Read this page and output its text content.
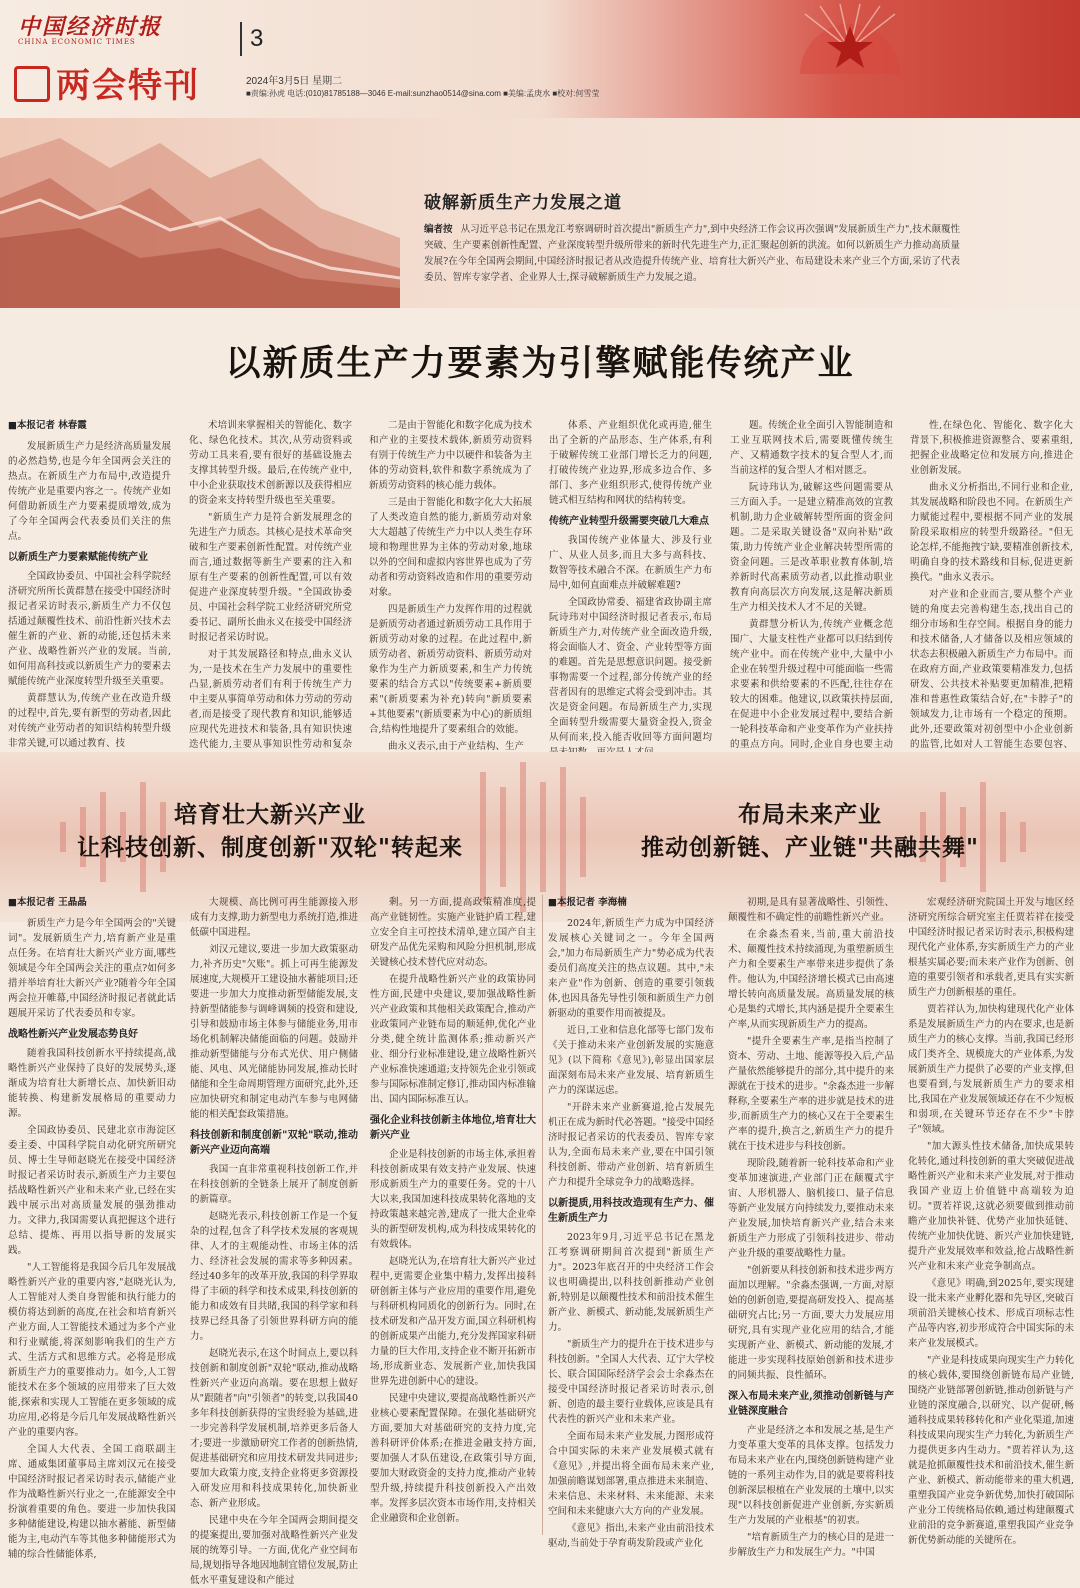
中国经济时报
CHINA ECONOMIC TIMES
两会特刊
3
2024年3月5日 星期二
■责编:孙虎 电话:(010)81785188—3046 E-mail:sunzhao0514@sina.com ■美编:孟庚水 ■校对:何雪莹
破解新质生产力发展之道
编者按 从习近平总书记在黑龙江考察调研时首次提出"新质生产力",到中央经济工作会议再次强调"发展新质生产力",技术颠覆性突破、生产要素创新性配置、产业深度转型升级所带来的新时代先进生产力,正汇聚起创新的洪流。如何以新质生产力推动高质量发展?在今年全国两会期间,中国经济时报记者从改造提升传统产业、培育壮大新兴产业、布局建设未来产业三个方面,采访了代表委员、智库专家学者、企业界人士,探寻破解新质生产力发展之道。
以新质生产力要素为引擎赋能传统产业

■本报记者 林春霞

发展新质生产力是经济高质量发展的必然趋势,也是今年全国两会关注的热点。在新质生产力布局中,改造提升传统产业是重要内容之一。传统产业如何借助新质生产力要素提质增效,成为了今年全国两会代表委员们关注的焦点。

以新质生产力要素赋能传统产业

全国政协委员、中国社会科学院经济研究所所长黄群慧在接受中国经济时报记者采访时表示,新质生产力不仅包括通过颠覆性技术、前沿性新兴技术去催生新的产业、新的动能,还包括未来产业、战略性新兴产业的发展。当前,如何用高科技或以新质生产力的要素去赋能传统产业深度转型升级至关重要。

黄群慧认为,传统产业在改造升级的过程中,首先,要有新型的劳动者,因此对传统产业劳动者的知识结构转型升级非常关键,可以通过教育、技

术培训来掌握相关的智能化、数字化、绿色化技术。其次,从劳动资料或劳动工具来看,要有很好的基础设施去支撑其转型升级。最后,在传统产业中,中小企业获取技术创新源以及获得相应的资金来支持转型升级也至关重要。

"新质生产力是符合新发展理念的先进生产力质态。其核心是技术革命突破和生产要素创新性配置。对传统产业而言,通过数据等新生产要素的注入和原有生产要素的创新性配置,可以有效促进产业深度转型升级。"全国政协委员、中国社会科学院工业经济研究所党委书记、副所长曲永义在接受中国经济时报记者采访时说。

对于其发展路径和特点,曲永义认为,一是技术在生产力发展中的重要性凸显,新质劳动者们有利于传统生产力中主要从事简单劳动和体力劳动的劳动者,而是接受了现代教育和知识,能够适应现代先进技术和装备,具有知识快速迭代能力,主要从事知识性劳动和复杂

二是由于智能化和数字化成为技术和产业的主要技术载体,新质劳动资料有别于传统生产力中以硬件和装备为主体的劳动资料,软件和数字系统成为了新质劳动资料的核心能力载体。

三是由于智能化和数字化大大拓展了人类改造自然的能力,新质劳动对象大大超越了传统生产力中以人类生存环境和物理世界为主体的劳动对象,地球以外的空间和虚拟内容世界也成为了劳动者和劳动资料改造和作用的重要劳动对象。

四是新质生产力发挥作用的过程就是新质劳动者通过新质劳动工具作用于新质劳动对象的过程。在此过程中,新质劳动者、新质劳动资料、新质劳动对象作为生产力新质要素,和生产力传统要素的结合方式以"传统要素+新质要素"(新质要素为补充)转向"新质要素+其他要素"(新质要素为中心)的新质组合,结构性地提升了要素组合的效能。

曲永义表示,由于产业结构、生产

体系、产业组织优化或再造,催生出了全新的产品形态、生产体系,有利于破解传统工业部门增长乏力的问题,打破传统产业边界,形成多边合作、多部门、多产业组织形式,使得传统产业链式相互结构和网状的结构转变。

传统产业转型升级需要突破几大难点

我国传统产业体量大、涉及行业广、从业人员多,而且大多与高科技、数智等技术融合不深。在新质生产力布局中,如何直面难点并破解难题?

全国政协常委、福建省政协副主席阮诗玮对中国经济时报记者表示,布局新质生产力,对传统产业全面改造升级,将会面临人才、资金、产业转型等方面的难题。首先是思想意识问题。接受新事物需要一个过程,部分传统产业的经营者因有的思维定式将会受到冲击。其次是资金问题。布局新质生产力,实现全面转型升级需要大量资金投入,资金从何而来,投入能否收回等方面问题均

题。传统企业全面引入智能制造和工业互联网技术后,需要既懂传统生产、又精通数字技术的复合型人才,而当前这样的复合型人才相对匮乏。

阮诗玮认为,破解这些问题需要从三方面入手。一是建立精准高效的宣教机制,助力企业破解转型所面的资金问题。二是采取关键设备"双向补贴"政策,助力传统产业企业解决转型所需的资金问题。三是改革职业教育体制,培养新时代高素质劳动者,以此推动职业教育向高层次方向发展,这是解决新质生产力相关技术人才不足的关键。

黄群慧分析认为,传统产业概念范围广、大量支柱性产业都可以归结到传统产业中。而在传统产业中,大量中小企业在转型升级过程中可能面临一些需求要素和供给要素的不匹配,往往存在较大的困难。他建议,以政策扶持层面,在促进中小企业发展过程中,要结合新一轮科技革命和产业变革作为产业扶持的重点方向。同时,企业自身也要主动

性,在绿色化、智能化、数字化大背景下,积极推进资源整合、要素重组,把握企业战略定位和发展方向,推进企业创新发展。

曲永义分析指出,不同行业和企业,其发展战略和阶段也不同。在新质生产力赋能过程中,要根据不同产业的发展阶段采取相应的转型升级路径。"但无论怎样,不能拖拽宁缺,要精准创新技术,明确自身的技术路线和目标,促进更新换代。"曲永义表示。

对产业和企业而言,要从整个产业链的角度去完善构建生态,找出自己的细分市场和生存空间。根据自身的能力和技术储备,人才储备以及相应领域的状态去积极融入新质生产力布局中。而在政府方面,产业政策要精准发力,包括研发、公共技术补贴要更加精准,把精准和普惠性政策结合好,在"卡脖子"的领域发力,让市场有一个稳定的预期。此外,还要政策对初创型中小企业创新的监管,比如对人工智能生态要包容、

培育壮大新兴产业
让科技创新、制度创新"双轮"转起来
布局未来产业
推动创新链、产业链"共融共舞"

■本报记者 王晶晶

新质生产力是今年全国两会的"关键词"。发展新质生产力,培育新产业是重点任务。在培育壮大新兴产业方面,哪些领域是今年全国两会关注的重点?如何多措并举培育壮大新兴产业?随着今年全国两会拉开帷幕,中国经济时报记者就此话题展开采访了代表委员和专家。

战略性新兴产业发展态势良好

随着我国科技创新水平持续提高,战略性新兴产业保持了良好的发展势头,逐渐成为培育壮大新增长点、加快新旧动能转换、构建新发展格局的重要动力源。

全国政协委员、民建北京市海淀区委主委、中国科学院自动化研究所研究员、博士生导师赵晓光在接受中国经济时报记者采访时表示,新质生产力主要包括战略性新兴产业和未来产业,已经在实践中展示出对高质量发展的强劲推动力。文律力,我国需要认真把握这个进行总结、提炼、再用以指导新的发展实践。

"人工智能将是我国今后几年发展战略性新兴产业的重要内容,"赵晓光认为,人工智能对人类自身智能和执行能力的模仿将达到新的高度,在社会和培育新兴产业方面,人工智能技术通过为多个产业和行业赋能,将深刻影响我们的生产方式、生活方式和思维方式。必将是形成新质生产力的重要推动力。如今,人工智能技术在多个领域的应用带来了巨大效能,探索和实现人工智能在更多领域的成功应用,必将是今后几年发展战略性新兴产业的重要内容。

全国人大代表、全国工商联副主席、通威集团董事局主席刘汉元在接受中国经济时报记者采访时表示,储能产业作为战略性新兴行业之一,在能源安全中扮演着重要的角色。要进一步加快我国多种储能建设,构建以抽水蓄能、新型储能为主,电动汽车等其他多种储能形式为辅的综合性储能体系,

大规模、高比例可再生能源接入形成有力支撑,助力新型电力系统打造,推进低碳中国进程。

刘汉元建议,要进一步加大政策驱动力,补齐历史"欠账"。抓上可再生能源发展速度,大规模开工建设抽水蓄能项目;还要进一步加大力度推动新型储能发展,支持新型储能参与调峰调频的投资和建设,引导和鼓励市场主体参与储能业务,用市场化机制解决储能面临的问题。鼓励并推动新型储能与分布式光伏、用户侧储能、风电、风光储能协同发展,推动长时储能和全生命周期管理方面研究,此外,还应加快研究和制定电动汽车参与电网储能的相关配套政策措施。

科技创新和制度创新"双轮"联动,推动新兴产业迈向高端

我国一直非常重视科技创新工作,并在科技创新的全链条上展开了制度创新的新篇章。

赵晓光表示,科技创新工作是一个复杂的过程,包含了科学技术发展的客观规律、人才的主观能动性、市场主体的活力、经济社会发展的需求等多种因素。经过40多年的改革开放,我国的科学界取得了丰硕的科学和技术成果,科技创新的能力和成效有目共睹,我国的科学家和科技界已经具备了引领世界科研方向的能力。

赵晓光表示,在这个时间点上,要以科技创新和制度创新"双轮"联动,推动战略性新兴产业迈向高端。要在思想上做好从"跟随者"向"引领者"的转变,以我国40多年科技创新获得的宝贵经验为基础,进一步完善科学发展机制,培养更多后备人才;要进一步激励研究工作者的创新热情,促进基础研究和应用技术研发共同进步;要加大政策力度,支持企业将更多资源投入研发应用和科技成果转化,加快新业态、新产业形成。

民建中央在今年全国两会期间提交的提案提出,要加强对战略性新兴产业发展的统筹引导。一方面,优化产业空间布局,规划指导各地因地制宜错位发展,防止低水平重复建设和产能过

剩。另一方面,提高政策精准度,提高产业链韧性。实施产业链护盾工程,建立安全自主可控技术清单,建立国产自主研发产品优先采购和风险分担机制,形成关键核心技术替代应对动态。

在提升战略性新兴产业的政策协同性方面,民建中央建议,要加强战略性新兴产业政策和其他相关政策配合,推动产业政策同产业链布局的顺延伸,优化产业分类,健全统计监测体系;推动新兴产业、细分行业标准建设,建立战略性新兴产业标准快速通道;支持领先企业引领或参与国际标准制定修订,推动国内标准输出、国内国际标准互认。

强化企业科技创新主体地位,培育壮大新兴产业

企业是科技创新的市场主体,承担着科技创新成果有效支持产业发展、快速形成新质生产力的重要任务。党的十八大以来,我国加速科技成果转化落地的支持政策越来越完善,建成了一批大企业牵头的新型研发机构,成为科技成果转化的有效载体。

赵晓光认为,在培育壮大新兴产业过程中,更需要企业集中精力,发挥出接科研创新主体与产业应用的重要作用,避免与科研机构同质化的创新行为。同时,在技术研发和产品开发方面,国立科研机构的创新成果产出能力,充分发挥国家科研力量的巨大作用,支持企业不断开拓新市场,形成新业态、发展新产业,加快我国世界先进创新中心的建设。

民建中央建议,要提高战略性新兴产业核心要素配置保障。在强化基础研究方面,要加大对基础研究的支持力度,完善科研评价体系;在推进金融支持方面,要加强人才队伍建设,在政策引导方面,要加大财政资金的支持力度,推动产业转型升级,持续提升科技创新投入产出效率。发挥多层次资本市场作用,支持相关企业融资和企业创新。

■本报记者 李海楠

2024年,新质生产力成为中国经济发展核心关键词之一。今年全国两会,"加力布局新质生产力"势必成为代表委员们高度关注的热点议题。其中,"未来产业"作为创新、创造的重要引领载体,也因具备先导性引领和新质生产力创新驱动的重要作用而被提及。

近日,工业和信息化部等七部门发布《关于推动未来产业创新发展的实施意见》(以下简称《意见》),彰显出国家层面深刻布局未来产业发展、培育新质生产力的深谋远虑。

"开辟未来产业新赛道,抢占发展先机正在成为新时代必答题。"接受中国经济时报记者采访的代表委员、智库专家认为,全面布局未来产业,要在中国引领科技创新、带动产业创新、培育新质生产力和提升全球竞争力的战略选择。

以新提质,用科技改造现有生产力、催生新质生产力

2023年9月,习近平总书记在黑龙江考察调研期间首次提到"新质生产力"。2023年底召开的中央经济工作会议也明确提出,以科技创新推动产业创新,特别是以颠覆性技术和前沿技术催生新产业、新模式、新动能,发展新质生产力。

"新质生产力的提升在于技术进步与科技创新。"全国人大代表、辽宁大学校长、联合国国际经济学会会士余淼杰在接受中国经济时报记者采访时表示,创新、创造的最主要行业载体,应该是具有代表性的新兴产业和未来产业。

全面布局未来产业发展,力图形成符合中国实际的未来产业发展模式就有《意见》,并提出将全面布局未来产业,加强前瞻谋划部署,重点推进未来制造、未来信息、未来材料、未来能源、未来空间和未来健康六大方向的产业发展。

《意见》指出,未来产业由前沿技术驱动,当前处于孕育萌发阶段或产业化

初期,是具有显著战略性、引领性、颠覆性和不确定性的前瞻性新兴产业。

在余淼杰看来,当前,重大前沿技术、颠覆性技术持续涌现,为重塑新质生产力和全要素生产率带来进步提供了条件。他认为,中国经济增长模式已由高速增长转向高质量发展。高质量发展的核心是集约式增长,其内涵是提升全要素生产率,从而实现新质生产力的提高。

"提升全要素生产率,是指当控制了资本、劳动、土地、能源等投入后,产品产量依然能够提升的部分,其中提升的来源就在于技术的进步。"余淼杰进一步解释称,全要素生产率的进步就是技术的进步,而新质生产力的核心又在于全要素生产率的提升,换言之,新质生产力的提升就在于技术进步与科技创新。

现阶段,随着新一轮科技革命和产业变革加速演进,产业部门正在颠覆式宇宙、人形机器人、脑机接口、量子信息等新产业发展方向持续发力,要推动未来产业发展,加快培育新兴产业,结合未来新质生产力形成了引领科技进步、带动产业升级的重要战略性力量。

"创新要从科技创新和技术进步两方面加以理解。"余淼杰强调,一方面,对原始的创新创造,要提高研发投入、提高基础研究占比;另一方面,要大力发展应用研究,具有实现产业化应用的结合,才能实现新产业、新模式、新动能的发展,才能进一步实现科技原始创新和技术进步的同频共振、良性循环。

深入布局未来产业,须推动创新链与产业链深度融合

产业是经济之本和发展之基,是生产力变革重大变革的具体支撑。包括发力布局未来产业在内,围绕创新链构建产业链的一系列主动作为,目的就是要将科技创新深层根植在产业发展的土壤中,以实现"以科技创新促进产业创新,夯实新质生产力发展的产业根基"的初衷。

"培育新质生产力的核心目的是进一步解放生产力和发展生产力。"中国

宏观经济研究院国土开发与地区经济研究所综合研究室主任贾若祥在接受中国经济时报记者采访时表示,积极构建现代化产业体系,夯实新质生产力的产业根基实属必要;而未来产业作为创新、创造的重要引领者和承载者,更具有实实新质生产力创新根基的重任。

贾若祥认为,加快构建现代化产业体系是发展新质生产力的内在要求,也是新质生产力的核心支撑。当前,我国已经形成门类齐全、规模庞大的产业体系,为发展新质生产力提供了必要的产业支撑,但也要看到,与发展新质生产力的要求相比,我国在产业发展领域还存在不少短板和弱项,在关键环节还存在不少"卡脖子"领域。

"加大源头性技术储备,加快成果转化转化,通过科技创新的重大突破促进战略性新兴产业和未来产业发展,对于推动我国产业迈上价值链中高端较为迫切。"贾若祥说,这就必须要做到推动前瞻产业加快补链、优势产业加快延链、传统产业加快优链、新兴产业加快建链,提升产业发展效率和效益,抢占战略性新兴产业和未来产业竞争制高点。

《意见》明确,到2025年,要实现建设一批未来产业孵化器和先导区,突破百项前沿关键核心技术、形成百项标志性产品等内容,初步形成符合中国实际的未来产业发展模式。

"产业是科技成果向现实生产力转化的核心载体,要围绕创新链布局产业链,围绕产业链部署创新链,推动创新链与产业链的深度融合,以研究、以产促研,畅通科技成果转移转化和产业化渠道,加速科技成果向现实生产力转化,为新质生产力提供更多内生动力。"贾若祥认为,这就是抢抓颠覆性技术和前沿技术,催生新产业、新模式、新动能带来的重大机遇,重塑我国产业竞争新优势,加快打破国际产业分工传统格局依赖,通过构建颠覆式业前沿的竞争新赛道,重塑我国产业竞争新优势新动能的关键所在。
